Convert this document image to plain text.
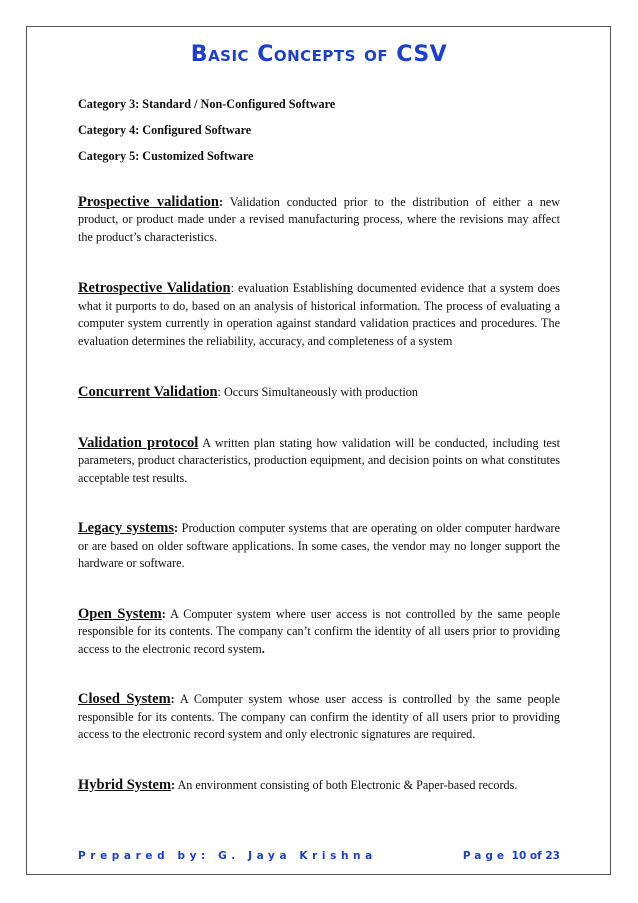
Basic Concepts of CSV

Category 3: Standard / Non-Configured Software

Category 4: Configured Software

Category 5: Customized Software

Prospective validation: Validation conducted prior to the distribution of either a new product, or product made under a revised manufacturing process, where the revisions may affect the product’s characteristics.

Retrospective Validation: evaluation Establishing documented evidence that a system does what it purports to do, based on an analysis of historical information. The process of evaluating a computer system currently in operation against standard validation practices and procedures. The evaluation determines the reliability, accuracy, and completeness of a system

Concurrent Validation: Occurs Simultaneously with production

Validation protocol A written plan stating how validation will be conducted, including test parameters, product characteristics, production equipment, and decision points on what constitutes acceptable test results.

Legacy systems: Production computer systems that are operating on older computer hardware or are based on older software applications. In some cases, the vendor may no longer support the hardware or software.

Open System: A Computer system where user access is not controlled by the same people responsible for its contents. The company can’t confirm the identity of all users prior to providing access to the electronic record system.

Closed System: A Computer system whose user access is controlled by the same people responsible for its contents. The company can confirm the identity of all users prior to providing access to the electronic record system and only electronic signatures are required.

Hybrid System: An environment consisting of both Electronic & Paper-based records.

Prepared by: G. Jaya Krishna	Page 10 of 23
